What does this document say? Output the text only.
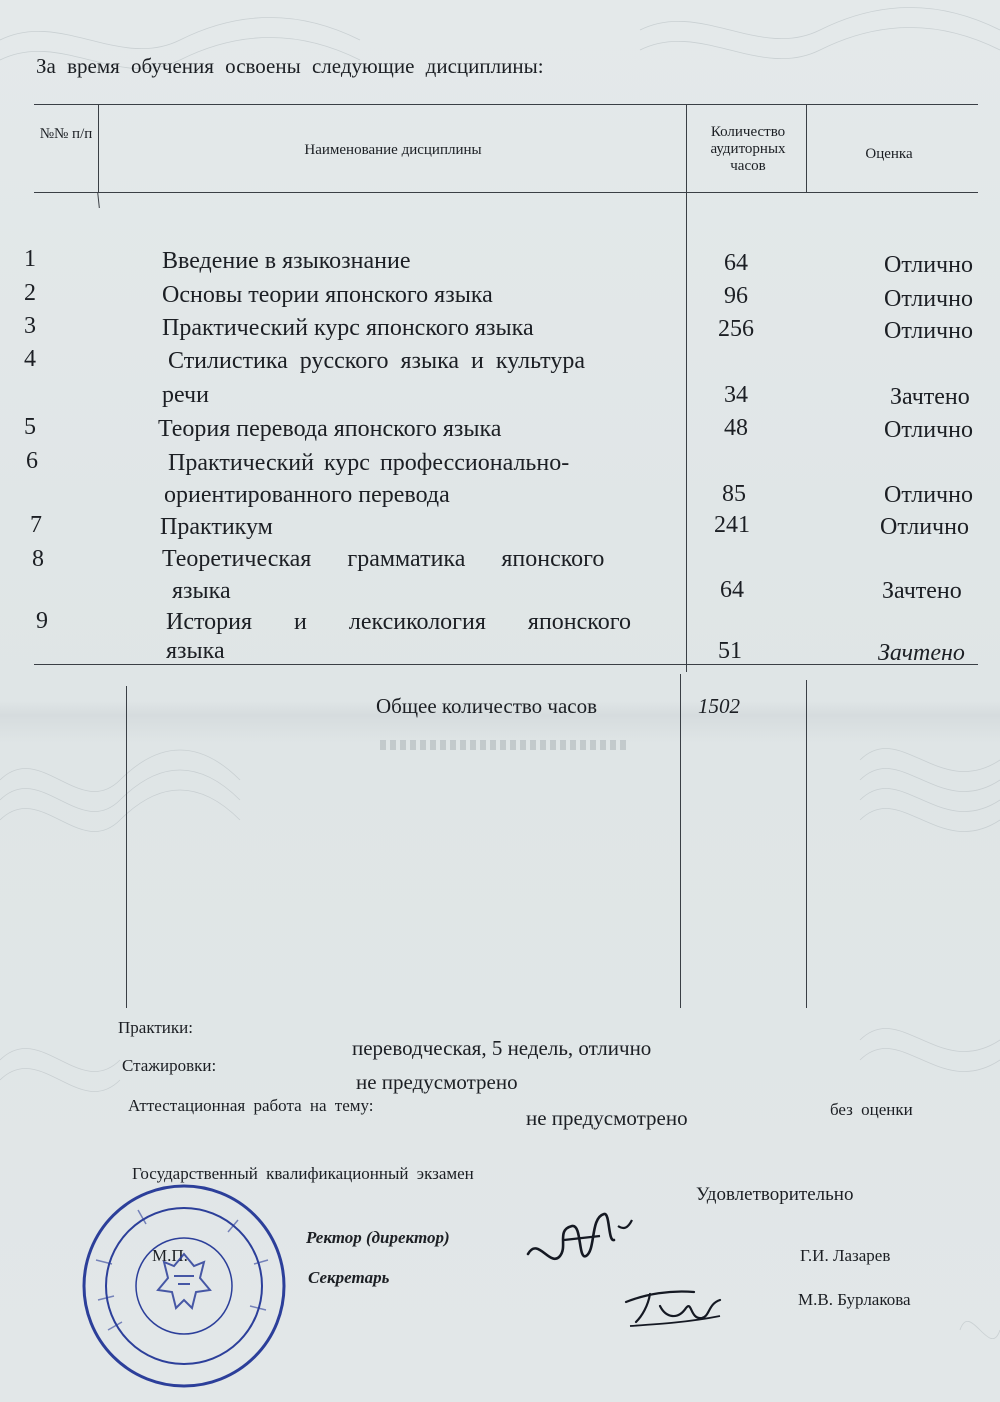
За время обучения освоены следующие дисциплины:
№№ п/п
Наименование дисциплины
Количество аудиторных часов
Оценка
1	Введение в языкознание	64	Отлично
2	Основы теории японского языка	96	Отлично
3	Практический курс японского языка	256	Отлично
4	Стилистика русского языка и культура
речи	34	Зачтено
5	Теория перевода японского языка	48	Отлично
6	Практический курс профессионально-
ориентированного перевода	85	Отлично
7	Практикум	241	Отлично
8	Теоретическая грамматика японского
языка	64	Зачтено
9	История и лексикология японского
языка	51	Зачтено
Общее количество часов	1502
Практики:
переводческая, 5 недель, отлично
Стажировки:
не предусмотрено
Аттестационная работа на тему:
не предусмотрено	без оценки
Государственный квалификационный экзамен
Удовлетворительно
Ректор (директор)
Секретарь
М.П.	Г.И. Лазарев
М.В. Бурлакова
